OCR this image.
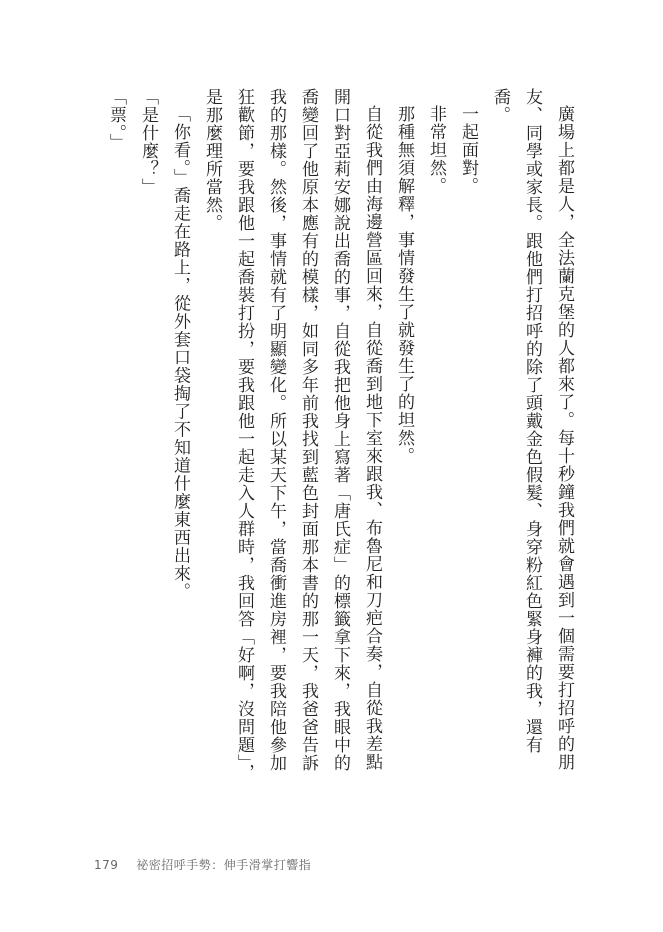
廣場上都是人，全法蘭克堡的人都來了。每十秒鐘我們就會遇到一個需要打招呼的朋友、同學或家長。跟他們打招呼的除了頭戴金色假髮、身穿粉紅色緊身褲的我，還有喬。

一起面對。

非常坦然。

那種無須解釋，事情發生了就發生了的坦然。

自從我們由海邊營區回來，自從喬到地下室來跟我、布魯尼和刀疤合奏，自從我差點開口對亞莉安娜說出喬的事，自從我把他身上寫著「唐氏症」的標籤拿下來，我眼中的喬變回了他原本應有的模樣，如同多年前我找到藍色封面那本書的那一天，我爸爸告訴我的那樣。然後，事情就有了明顯變化。所以某天下午，當喬衝進房裡，要我陪他參加狂歡節，要我跟他一起喬裝打扮，要我跟他一起走入人群時，我回答「好啊，沒問題」，是那麼理所當然。

「你看。」喬走在路上，從外套口袋掏了不知道什麼東西出來。

「是什麼？」

「票。」

179 祕密招呼手勢：伸手滑掌打響指
